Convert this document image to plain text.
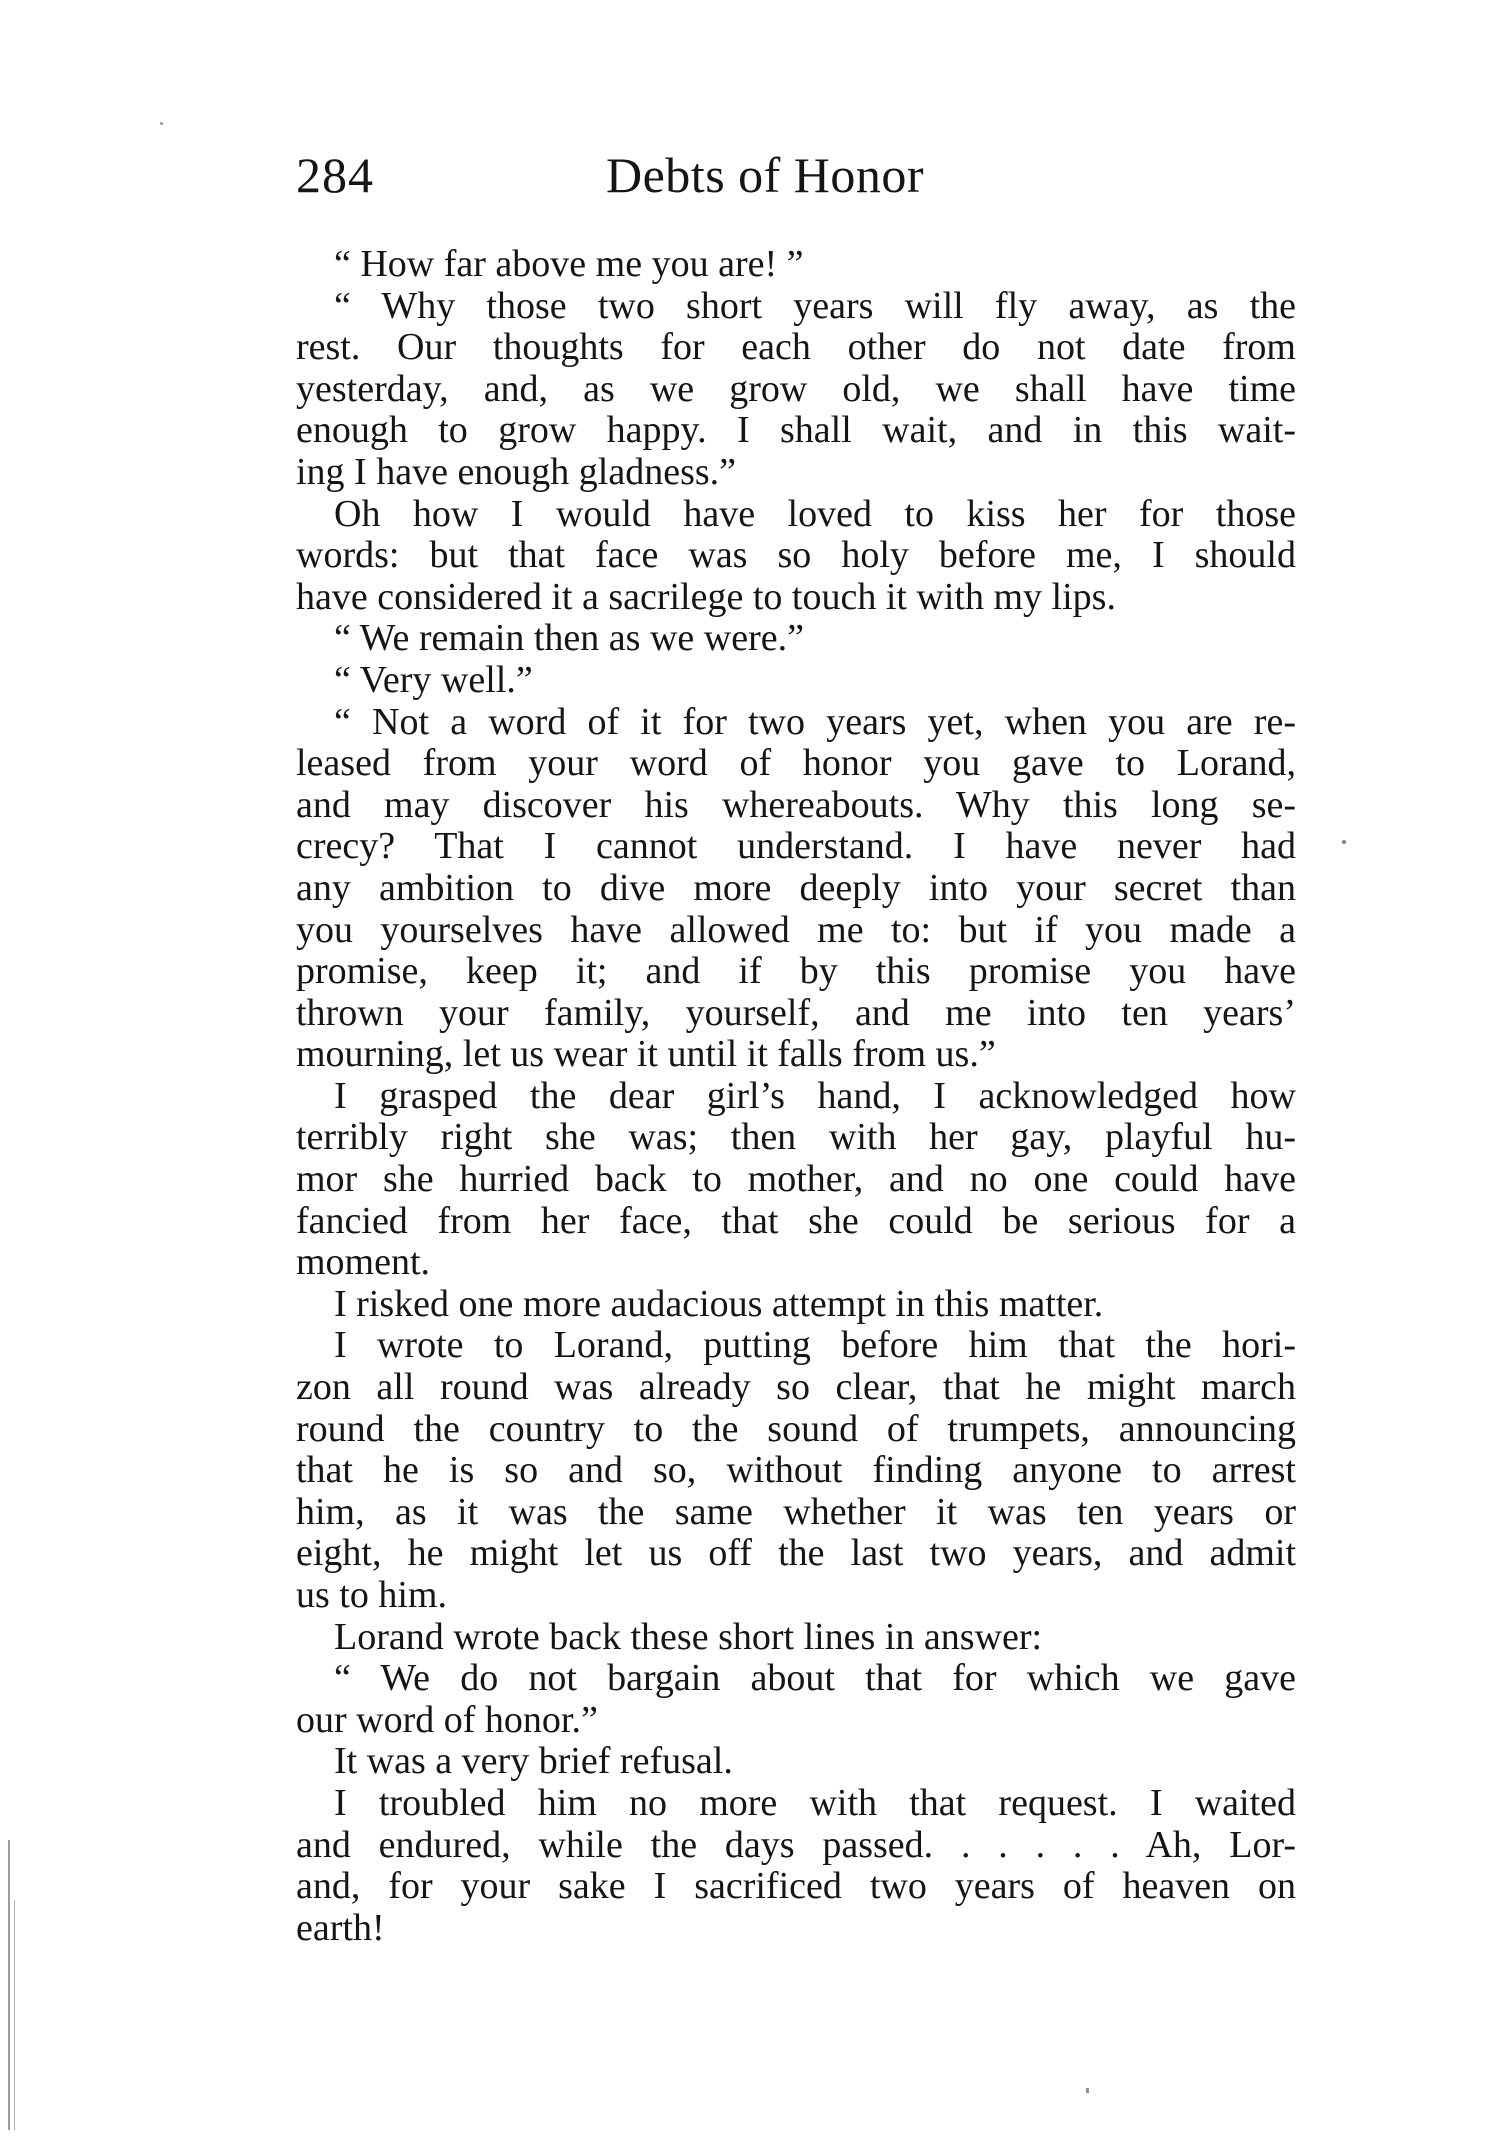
284	Debts of Honor
“ How far above me you are! ”
“ Why those two short years will fly away, as the
rest. Our thoughts for each other do not date from
yesterday, and, as we grow old, we shall have time
enough to grow happy. I shall wait, and in this wait-
ing I have enough gladness.”
Oh how I would have loved to kiss her for those
words: but that face was so holy before me, I should
have considered it a sacrilege to touch it with my lips.
“ We remain then as we were.”
“ Very well.”
“ Not a word of it for two years yet, when you are re-
leased from your word of honor you gave to Lorand,
and may discover his whereabouts. Why this long se-
crecy? That I cannot understand. I have never had
any ambition to dive more deeply into your secret than
you yourselves have allowed me to: but if you made a
promise, keep it; and if by this promise you have
thrown your family, yourself, and me into ten years’
mourning, let us wear it until it falls from us.”
I grasped the dear girl’s hand, I acknowledged how
terribly right she was; then with her gay, playful hu-
mor she hurried back to mother, and no one could have
fancied from her face, that she could be serious for a
moment.
I risked one more audacious attempt in this matter.
I wrote to Lorand, putting before him that the hori-
zon all round was already so clear, that he might march
round the country to the sound of trumpets, announcing
that he is so and so, without finding anyone to arrest
him, as it was the same whether it was ten years or
eight, he might let us off the last two years, and admit
us to him.
Lorand wrote back these short lines in answer:
“ We do not bargain about that for which we gave
our word of honor.”
It was a very brief refusal.
I troubled him no more with that request. I waited
and endured, while the days passed. . . . . . Ah, Lor-
and, for your sake I sacrificed two years of heaven on
earth!
